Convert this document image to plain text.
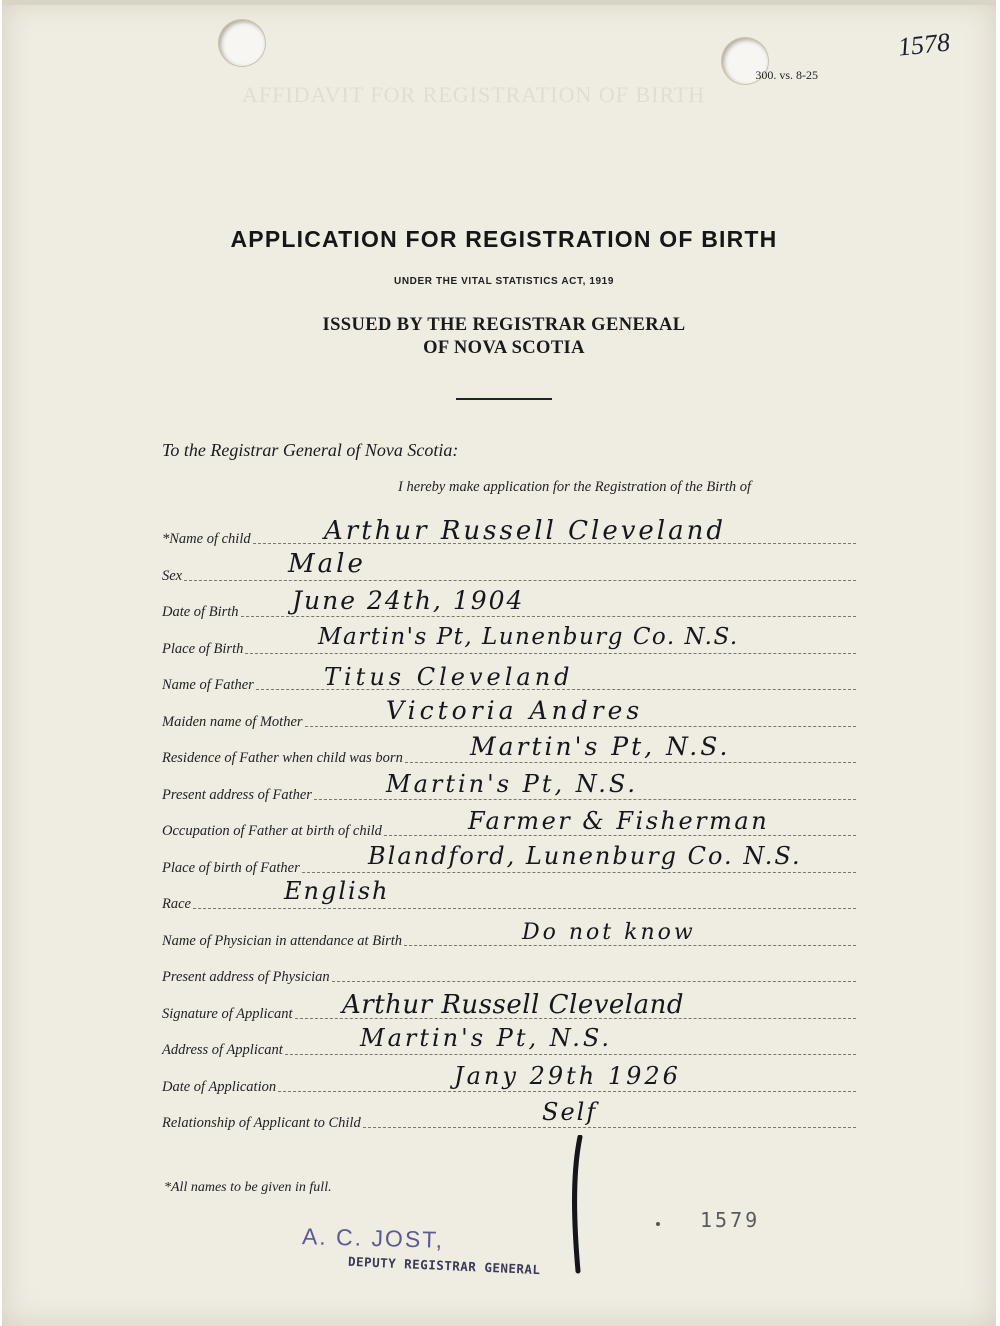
AFFIDAVIT FOR REGISTRATION OF BIRTH
300. vs. 8-25
1578
APPLICATION FOR REGISTRATION OF BIRTH
UNDER THE VITAL STATISTICS ACT, 1919
ISSUED BY THE REGISTRAR GENERAL
OF NOVA SCOTIA
To the Registrar General of Nova Scotia:
I hereby make application for the Registration of the Birth of
*Name of child
Sex
Date of Birth
Place of Birth
Name of Father
Maiden name of Mother
Residence of Father when child was born
Present address of Father
Occupation of Father at birth of child
Place of birth of Father
Race
Name of Physician in attendance at Birth
Present address of Physician
Signature of Applicant
Address of Applicant
Date of Application
Relationship of Applicant to Child
Arthur Russell Cleveland
Male
June 24th, 1904
Martin's Pt, Lunenburg Co. N.S.
Titus Cleveland
Victoria Andres
Martin's Pt, N.S.
Martin's Pt, N.S.
Farmer & Fisherman
Blandford, Lunenburg Co. N.S.
English
Do not know
Arthur Russell Cleveland
Martin's Pt, N.S.
Jany 29th 1926
Self
*All names to be given in full.
A. C. JOST,
DEPUTY REGISTRAR GENERAL
1579
